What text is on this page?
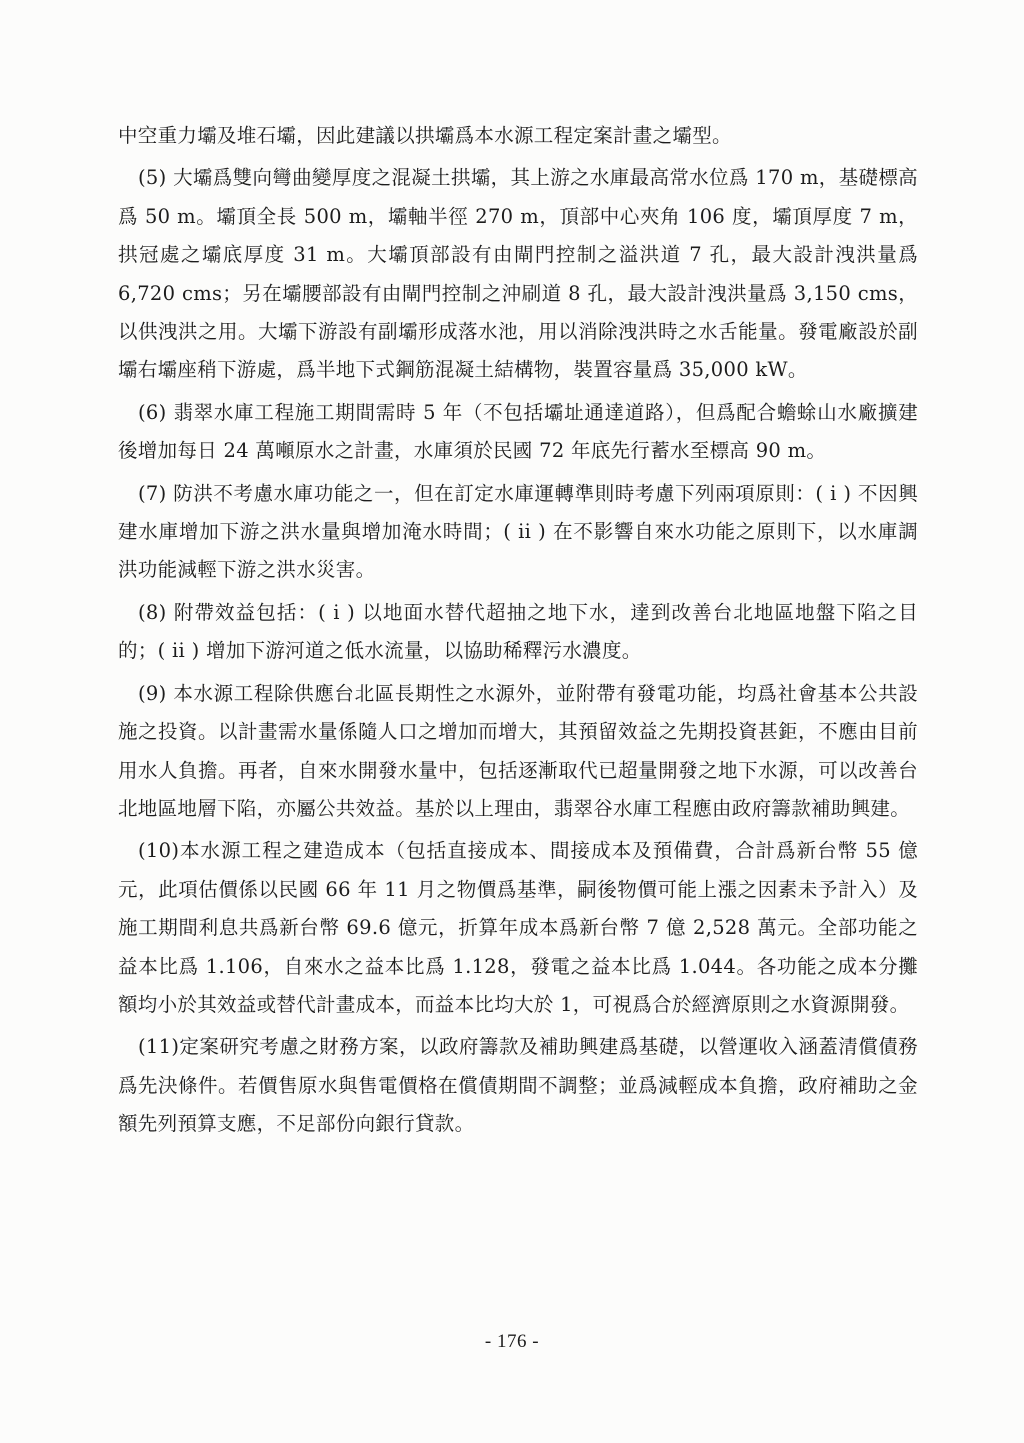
中空重力壩及堆石壩，因此建議以拱壩爲本水源工程定案計畫之壩型。

(5) 大壩爲雙向彎曲變厚度之混凝土拱壩，其上游之水庫最高常水位爲 170 m，基礎標高爲 50 m。壩頂全長 500 m，壩軸半徑 270 m，頂部中心夾角 106 度，壩頂厚度 7 m，拱冠處之壩底厚度 31 m。大壩頂部設有由閘門控制之溢洪道 7 孔，最大設計洩洪量爲 6,720 cms；另在壩腰部設有由閘門控制之沖刷道 8 孔，最大設計洩洪量爲 3,150 cms，以供洩洪之用。大壩下游設有副壩形成落水池，用以消除洩洪時之水舌能量。發電廠設於副壩右壩座稍下游處，爲半地下式鋼筋混凝土結構物，裝置容量爲 35,000 kW。

(6) 翡翠水庫工程施工期間需時 5 年（不包括壩址通達道路），但爲配合蟾蜍山水廠擴建後增加每日 24 萬噸原水之計畫，水庫須於民國 72 年底先行蓄水至標高 90 m。

(7) 防洪不考慮水庫功能之一，但在訂定水庫運轉準則時考慮下列兩項原則：( i ) 不因興建水庫增加下游之洪水量與增加淹水時間；( ii ) 在不影響自來水功能之原則下，以水庫調洪功能減輕下游之洪水災害。

(8) 附帶效益包括：( i ) 以地面水替代超抽之地下水，達到改善台北地區地盤下陷之目的；( ii ) 增加下游河道之低水流量，以協助稀釋污水濃度。

(9) 本水源工程除供應台北區長期性之水源外，並附帶有發電功能，均爲社會基本公共設施之投資。以計畫需水量係隨人口之增加而增大，其預留效益之先期投資甚鉅，不應由目前用水人負擔。再者，自來水開發水量中，包括逐漸取代已超量開發之地下水源，可以改善台北地區地層下陷，亦屬公共效益。基於以上理由，翡翠谷水庫工程應由政府籌款補助興建。

(10)本水源工程之建造成本（包括直接成本、間接成本及預備費，合計爲新台幣 55 億元，此項估價係以民國 66 年 11 月之物價爲基準，嗣後物價可能上漲之因素未予計入）及施工期間利息共爲新台幣 69.6 億元，折算年成本爲新台幣 7 億 2,528 萬元。全部功能之益本比爲 1.106，自來水之益本比爲 1.128，發電之益本比爲 1.044。各功能之成本分攤額均小於其效益或替代計畫成本，而益本比均大於 1，可視爲合於經濟原則之水資源開發。

(11)定案研究考慮之財務方案，以政府籌款及補助興建爲基礎，以營運收入涵蓋清償債務爲先決條件。若價售原水與售電價格在償債期間不調整；並爲減輕成本負擔，政府補助之金額先列預算支應，不足部份向銀行貸款。

- 176 -
